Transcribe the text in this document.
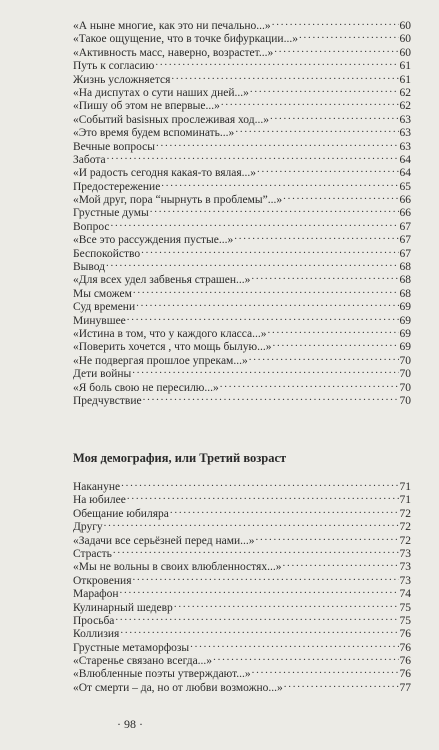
«А ныне многие, как это ни печально...» . . .	60
«Такое ощущение, что в точке бифуркации...» . . .	60
«Активность масс, наверно, возрастет...» . . .	60
Путь к согласию . . .	61
Жизнь усложняется . . .	61
«На диспутах о сути наших дней...» . . .	62
«Пишу об этом не впервые...» . . .	62
«Событий basisных прослеживая ход...» . . .	63
«Это время будем вспоминать...» . . .	63
Вечные вопросы . . .	63
Забота . . .	64
«И радость сегодня какая-то вялая...» . . .	64
Предостережение . . .	65
«Мой друг, пора “нырнуть в проблемы”...» . . .	66
Грустные думы . . .	66
Вопрос . . .	67
«Все это рассуждения пустые...» . . .	67
Беспокойство . . .	67
Вывод . . .	68
«Для всех удел забвенья страшен...» . . .	68
Мы сможем . . .	68
Суд времени . . .	69
Минувшее . . .	69
«Истина в том, что у каждого класса...» . . .	69
«Поверить хочется , что мощь былую...» . . .	69
«Не подвергая прошлое упрекам...» . . .	70
Дети войны . . .	70
«Я боль свою не пересилю...» . . .	70
Предчувствие . . .	70
Моя демография, или Третий возраст
Накануне . . .	71
На юбилее . . .	71
Обещание юбиляра . . .	72
Другу . . .	72
«Задачи все серьёзней перед нами...» . . .	72
Страсть . . .	73
«Мы не вольны в своих влюбленностях...» . . .	73
Откровения . . .	73
Марафон . . .	74
Кулинарный шедевр . . .	75
Просьба . . .	75
Коллизия . . .	76
Грустные метаморфозы . . .	76
«Старенье связано всегда...» . . .	76
«Влюбленные поэты утверждают...» . . .	76
«От смерти – да, но от любви возможно...» . . .	77
· 98 ·
